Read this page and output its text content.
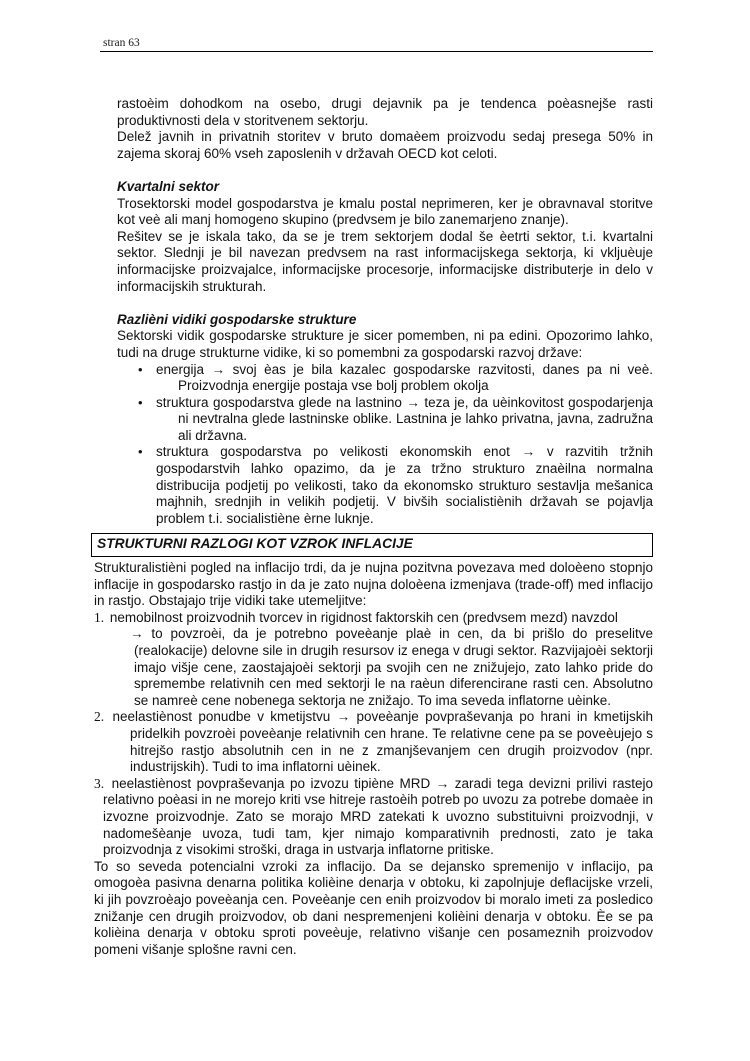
stran 63

rastoèim dohodkom na osebo, drugi dejavnik pa je tendenca poèasnejše rasti produktivnosti dela v storitvenem sektorju.

Delež javnih in privatnih storitev v bruto domaèem proizvodu sedaj presega 50% in zajema skoraj 60% vseh zaposlenih v državah OECD kot celoti.

Kvartalni sektor

Trosektorski model gospodarstva je kmalu postal neprimeren, ker je obravnaval storitve kot veè ali manj homogeno skupino (predvsem je bilo zanemarjeno znanje).

Rešitev se je iskala tako, da se je trem sektorjem dodal še èetrti sektor, t.i. kvartalni sektor. Slednji je bil navezan predvsem na rast informacijskega sektorja, ki vkljuèuje informacijske proizvajalce, informacijske procesorje, informacijske distributerje in delo v informacijskih strukturah.

Razlièni vidiki gospodarske strukture

Sektorski vidik gospodarske strukture je sicer pomemben, ni pa edini. Opozorimo lahko, tudi na druge strukturne vidike, ki so pomembni za gospodarski razvoj države:

• energija → svoj èas je bila kazalec gospodarske razvitosti, danes pa ni veè. Proizvodnja energije postaja vse bolj problem okolja
• struktura gospodarstva glede na lastnino → teza je, da uèinkovitost gospodarjenja ni nevtralna glede lastninske oblike. Lastnina je lahko privatna, javna, zadružna ali državna.
• struktura gospodarstva po velikosti ekonomskih enot → v razvitih tržnih gospodarstvih lahko opazimo, da je za tržno strukturo znaèilna normalna distribucija podjetij po velikosti, tako da ekonomsko strukturo sestavlja mešanica majhnih, srednjih in velikih podjetij. V bivših socialistiènih državah se pojavlja problem t.i. socialistiène èrne luknje.
STRUKTURNI RAZLOGI KOT VZROK INFLACIJE

Strukturalistièni pogled na inflacijo trdi, da je nujna pozitvna povezava med doloèeno stopnjo inflacije in gospodarsko rastjo in da je zato nujna doloèena izmenjava (trade-off) med inflacijo in rastjo. Obstajajo trije vidiki take utemeljitve:

1. nemobilnost proizvodnih tvorcev in rigidnost faktorskih cen (predvsem mezd) navzdol
→ to povzroèi, da je potrebno poveèanje plaè in cen, da bi prišlo do preselitve (realokacije) delovne sile in drugih resursov iz enega v drugi sektor. Razvijajoèi sektorji imajo višje cene, zaostajajoèi sektorji pa svojih cen ne znižujejo, zato lahko pride do spremembe relativnih cen med sektorji le na raèun diferencirane rasti cen. Absolutno se namreè cene nobenega sektorja ne znižajo. To ima seveda inflatorne uèinke.
2. neelastiènost ponudbe v kmetijstvu → poveèanje povpraševanja po hrani in kmetijskih pridelkih povzroèi poveèanje relativnih cen hrane. Te relativne cene pa se poveèujejo s hitrejšo rastjo absolutnih cen in ne z zmanjševanjem cen drugih proizvodov (npr. industrijskih). Tudi to ima inflatorni uèinek.
3. neelastiènost povpraševanja po izvozu tipiène MRD → zaradi tega devizni prilivi rastejo relativno poèasi in ne morejo kriti vse hitreje rastoèih potreb po uvozu za potrebe domaèe in izvozne proizvodnje. Zato se morajo MRD zatekati k uvozno substituivni proizvodnji, v nadomešèanje uvoza, tudi tam, kjer nimajo komparativnih prednosti, zato je taka proizvodnja z visokimi stroški, draga in ustvarja inflatorne pritiske.

To so seveda potencialni vzroki za inflacijo. Da se dejansko spremenijo v inflacijo, pa omogoèa pasivna denarna politika kolièine denarja v obtoku, ki zapolnjuje deflacijske vrzeli, ki jih povzroèajo poveèanja cen. Poveèanje cen enih proizvodov bi moralo imeti za posledico znižanje cen drugih proizvodov, ob dani nespremenjeni kolièini denarja v obtoku. Èe se pa kolièina denarja v obtoku sproti poveèuje, relativno višanje cen posameznih proizvodov pomeni višanje splošne ravni cen.
